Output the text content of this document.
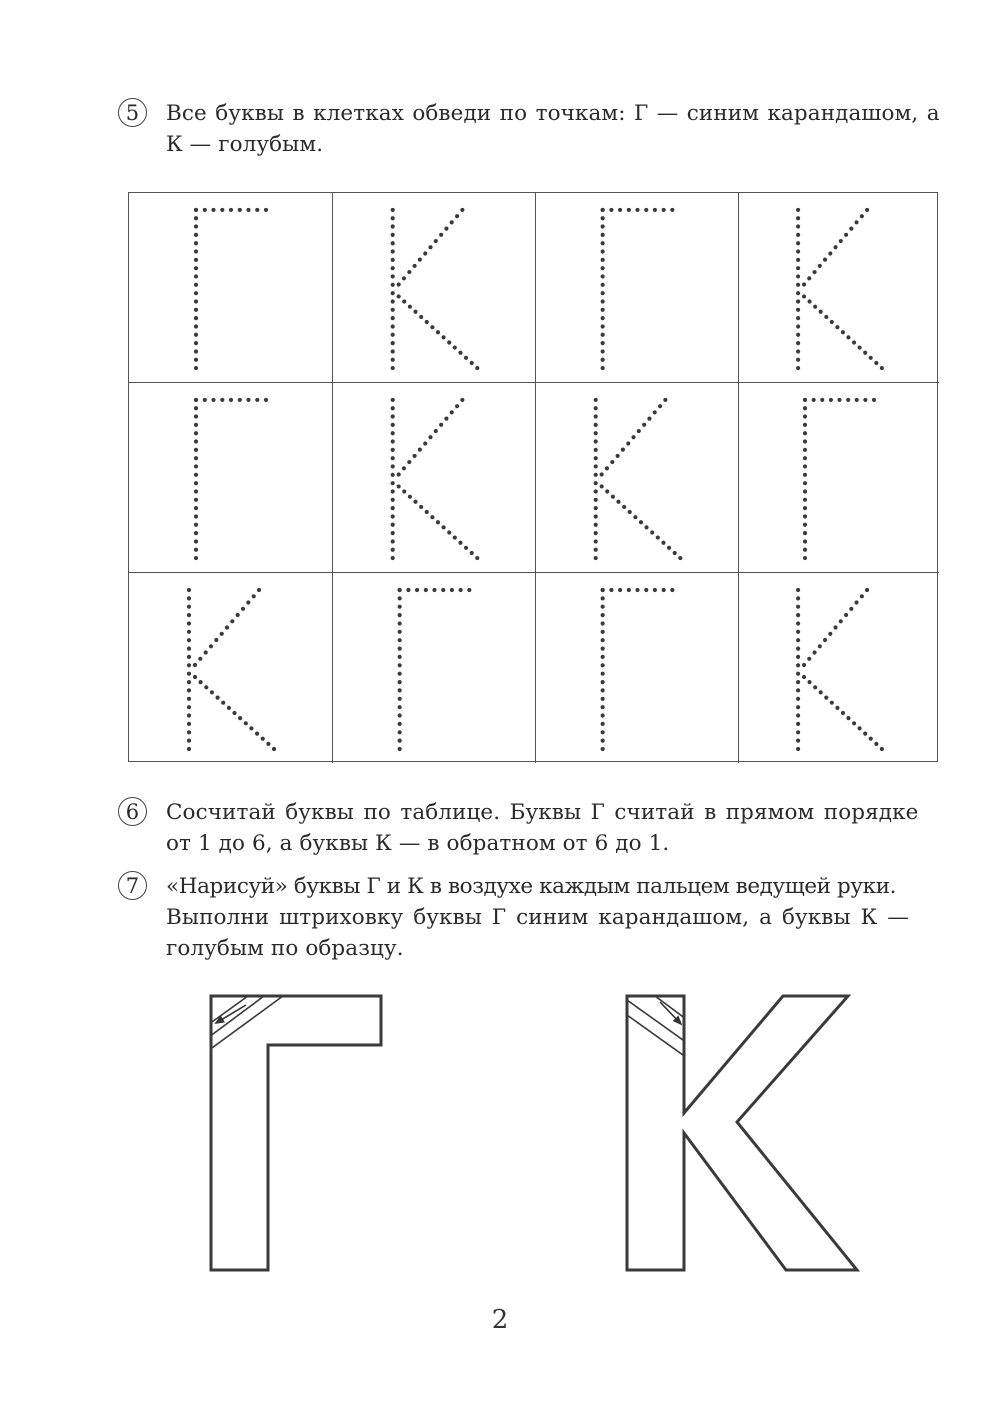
5	Все буквы в клетках обведи по точкам: Г — синим карандашом, а
К — голубым.
6	Сосчитай буквы по таблице. Буквы Г считай в прямом порядке
от 1 до 6, а буквы К — в обратном от 6 до 1.
7	«Нарисуй» буквы Г и К в воздухе каждым пальцем ведущей руки.
Выполни штриховку буквы Г синим карандашом, а буквы К —
голубым по образцу.
2
